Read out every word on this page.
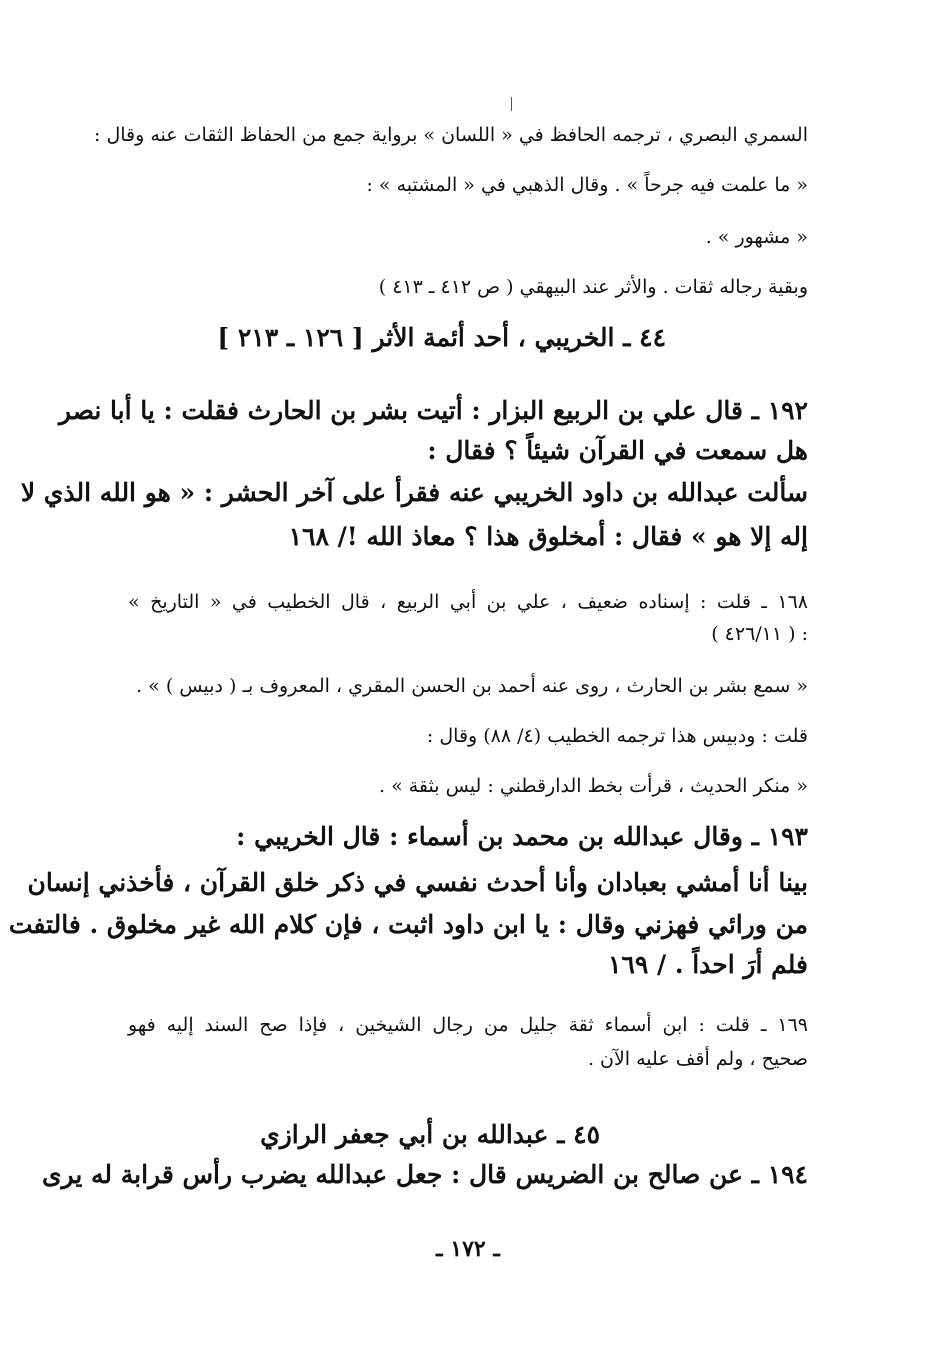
السمري البصري ، ترجمه الحافظ في « اللسان » برواية جمع من الحفاظ الثقات عنه وقال :
« ما علمت فيه جرحاً » . وقال الذهبي في « المشتبه » :
« مشهور » .
وبقية رجاله ثقات . والأثر عند البيهقي ( ص ٤١٢ ـ ٤١٣ )
٤٤ ـ الخريبي ، أحد أئمة الأثر [ ١٢٦ ـ ٢١٣ ]
١٩٢ ـ قال علي بن الربيع البزار : أتيت بشر بن الحارث فقلت : يا أبا نصر
هل سمعت في القرآن شيئاً ؟ فقال :
سألت عبدالله بن داود الخريبي عنه فقرأ على آخر الحشر : « هو الله الذي لا
إله إلا هو » فقال : أمخلوق هذا ؟ معاذ الله !/ ١٦٨
١٦٨ ـ قلت : إسناده ضعيف ، علي بن أبي الربيع ، قال الخطيب في « التاريخ »
( ٤٢٦/١١ ) :
« سمع بشر بن الحارث ، روى عنه أحمد بن الحسن المقري ، المعروف بـ ( دبيس ) » .
قلت : ودبيس هذا ترجمه الخطيب (٤/ ٨٨) وقال :
« منكر الحديث ، قرأت بخط الدارقطني : ليس بثقة » .
١٩٣ ـ وقال عبدالله بن محمد بن أسماء : قال الخريبي :
بينا أنا أمشي بعبادان وأنا أحدث نفسي في ذكر خلق القرآن ، فأخذني إنسان
من ورائي فهزني وقال : يا ابن داود اثبت ، فإن كلام الله غير مخلوق . فالتفت
فلم أرَ احداً . / ١٦٩
١٦٩ ـ قلت : ابن أسماء ثقة جليل من رجال الشيخين ، فإذا صح السند إليه فهو
صحيح ، ولم أقف عليه الآن .
٤٥ ـ عبدالله بن أبي جعفر الرازي
١٩٤ ـ عن صالح بن الضريس قال : جعل عبدالله يضرب رأس قرابة له يرى
ـ ١٧٢ ـ
